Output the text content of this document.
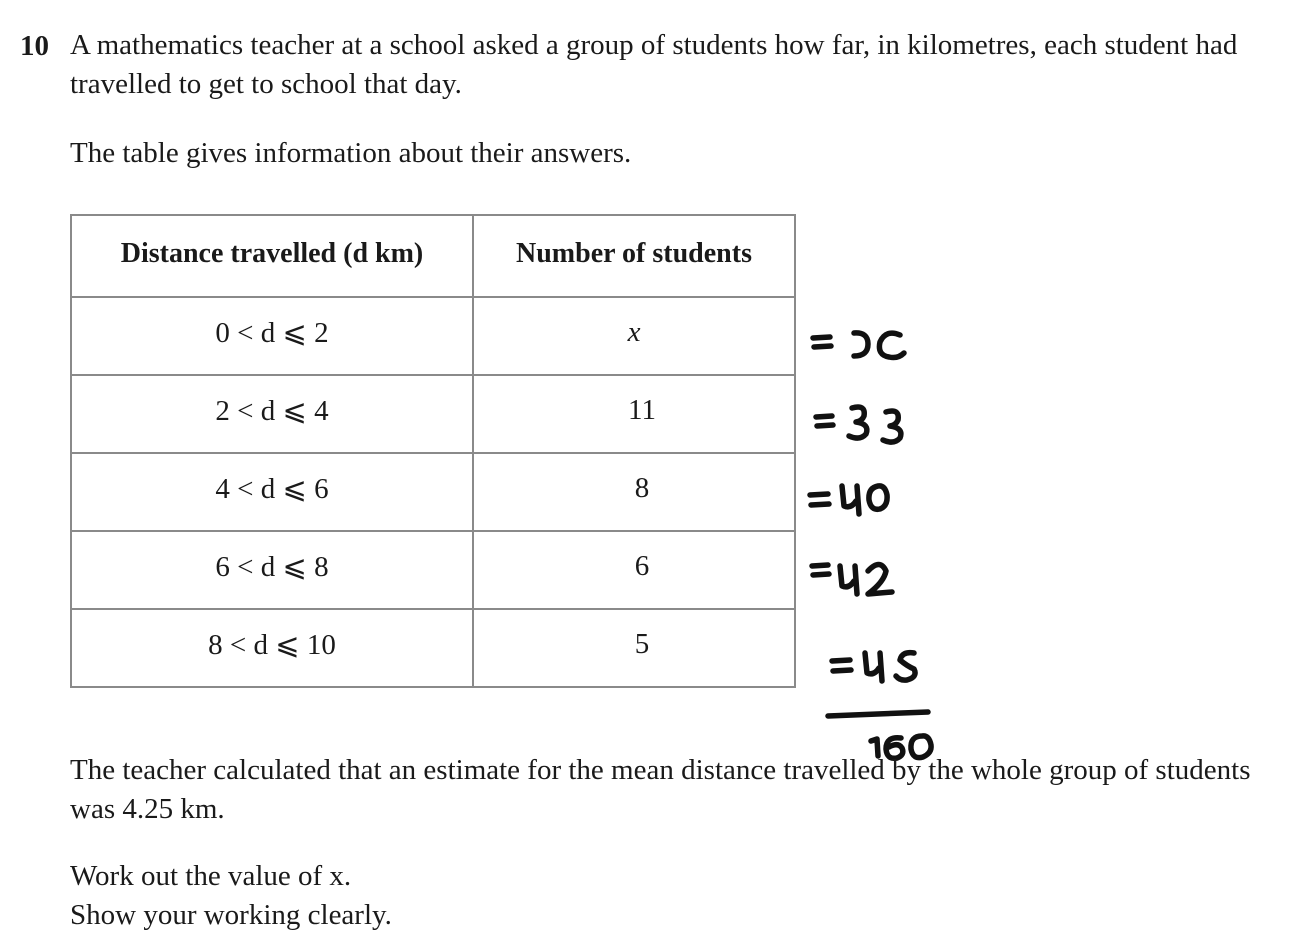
10 A mathematics teacher at a school asked a group of students how far, in kilometres, each student had travelled to get to school that day.

The table gives information about their answers.

Distance travelled (d km)	Number of students
0 < d ⩽ 2	x
2 < d ⩽ 4	11
4 < d ⩽ 6	8
6 < d ⩽ 8	6
8 < d ⩽ 10	5

The teacher calculated that an estimate for the mean distance travelled by the whole group of students was 4.25 km.

Work out the value of x.
Show your working clearly.
